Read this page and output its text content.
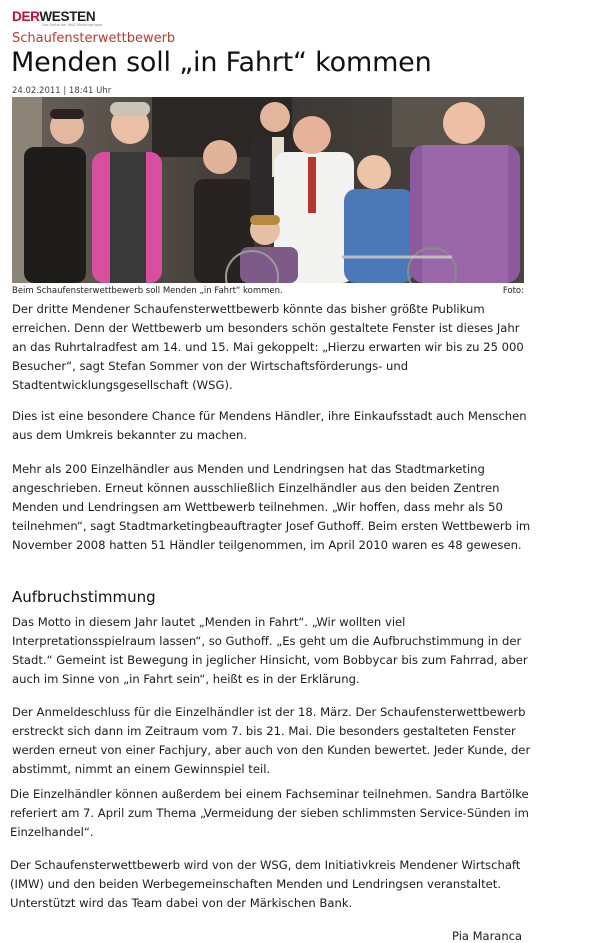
DERWESTEN
Das Portal der WAZ Mediengruppe
Schaufensterwettbewerb
Menden soll „in Fahrt“ kommen
24.02.2011 | 18:41 Uhr
Beim Schaufensterwettbewerb soll Menden „in Fahrt“ kommen.	Foto:

Der dritte Mendener Schaufensterwettbewerb könnte das bisher größte Publikum erreichen. Denn der Wettbewerb um besonders schön gestaltete Fenster ist dieses Jahr an das Ruhrtalradfest am 14. und 15. Mai gekoppelt: „Hierzu erwarten wir bis zu 25 000 Besucher“, sagt Stefan Sommer von der Wirtschaftsförderungs- und Stadtentwicklungsgesellschaft (WSG).

Dies ist eine besondere Chance für Mendens Händler, ihre Einkaufsstadt auch Menschen aus dem Umkreis bekannter zu machen.

Mehr als 200 Einzelhändler aus Menden und Lendringsen hat das Stadtmarketing angeschrieben. Erneut können ausschließlich Einzelhändler aus den beiden Zentren Menden und Lendringsen am Wettbewerb teilnehmen. „Wir hoffen, dass mehr als 50 teilnehmen“, sagt Stadtmarketingbeauftragter Josef Guthoff. Beim ersten Wettbewerb im November 2008 hatten 51 Händler teilgenommen, im April 2010 waren es 48 gewesen.

Aufbruchstimmung

Das Motto in diesem Jahr lautet „Menden in Fahrt“. „Wir wollten viel Interpretationsspielraum lassen“, so Guthoff. „Es geht um die Aufbruchstimmung in der Stadt.“ Gemeint ist Bewegung in jeglicher Hinsicht, vom Bobbycar bis zum Fahrrad, aber auch im Sinne von „in Fahrt sein“, heißt es in der Erklärung.

Der Anmeldeschluss für die Einzelhändler ist der 18. März. Der Schaufensterwettbewerb erstreckt sich dann im Zeitraum vom 7. bis 21. Mai. Die besonders gestalteten Fenster werden erneut von einer Fachjury, aber auch von den Kunden bewertet. Jeder Kunde, der abstimmt, nimmt an einem Gewinnspiel teil.

Die Einzelhändler können außerdem bei einem Fachseminar teilnehmen. Sandra Bartölke referiert am 7. April zum Thema „Vermeidung der sieben schlimmsten Service-Sünden im Einzelhandel“.

Der Schaufensterwettbewerb wird von der WSG, dem Initiativkreis Mendener Wirtschaft (IMW) und den beiden Werbegemeinschaften Menden und Lendringsen veranstaltet. Unterstützt wird das Team dabei von der Märkischen Bank.

Pia Maranca
